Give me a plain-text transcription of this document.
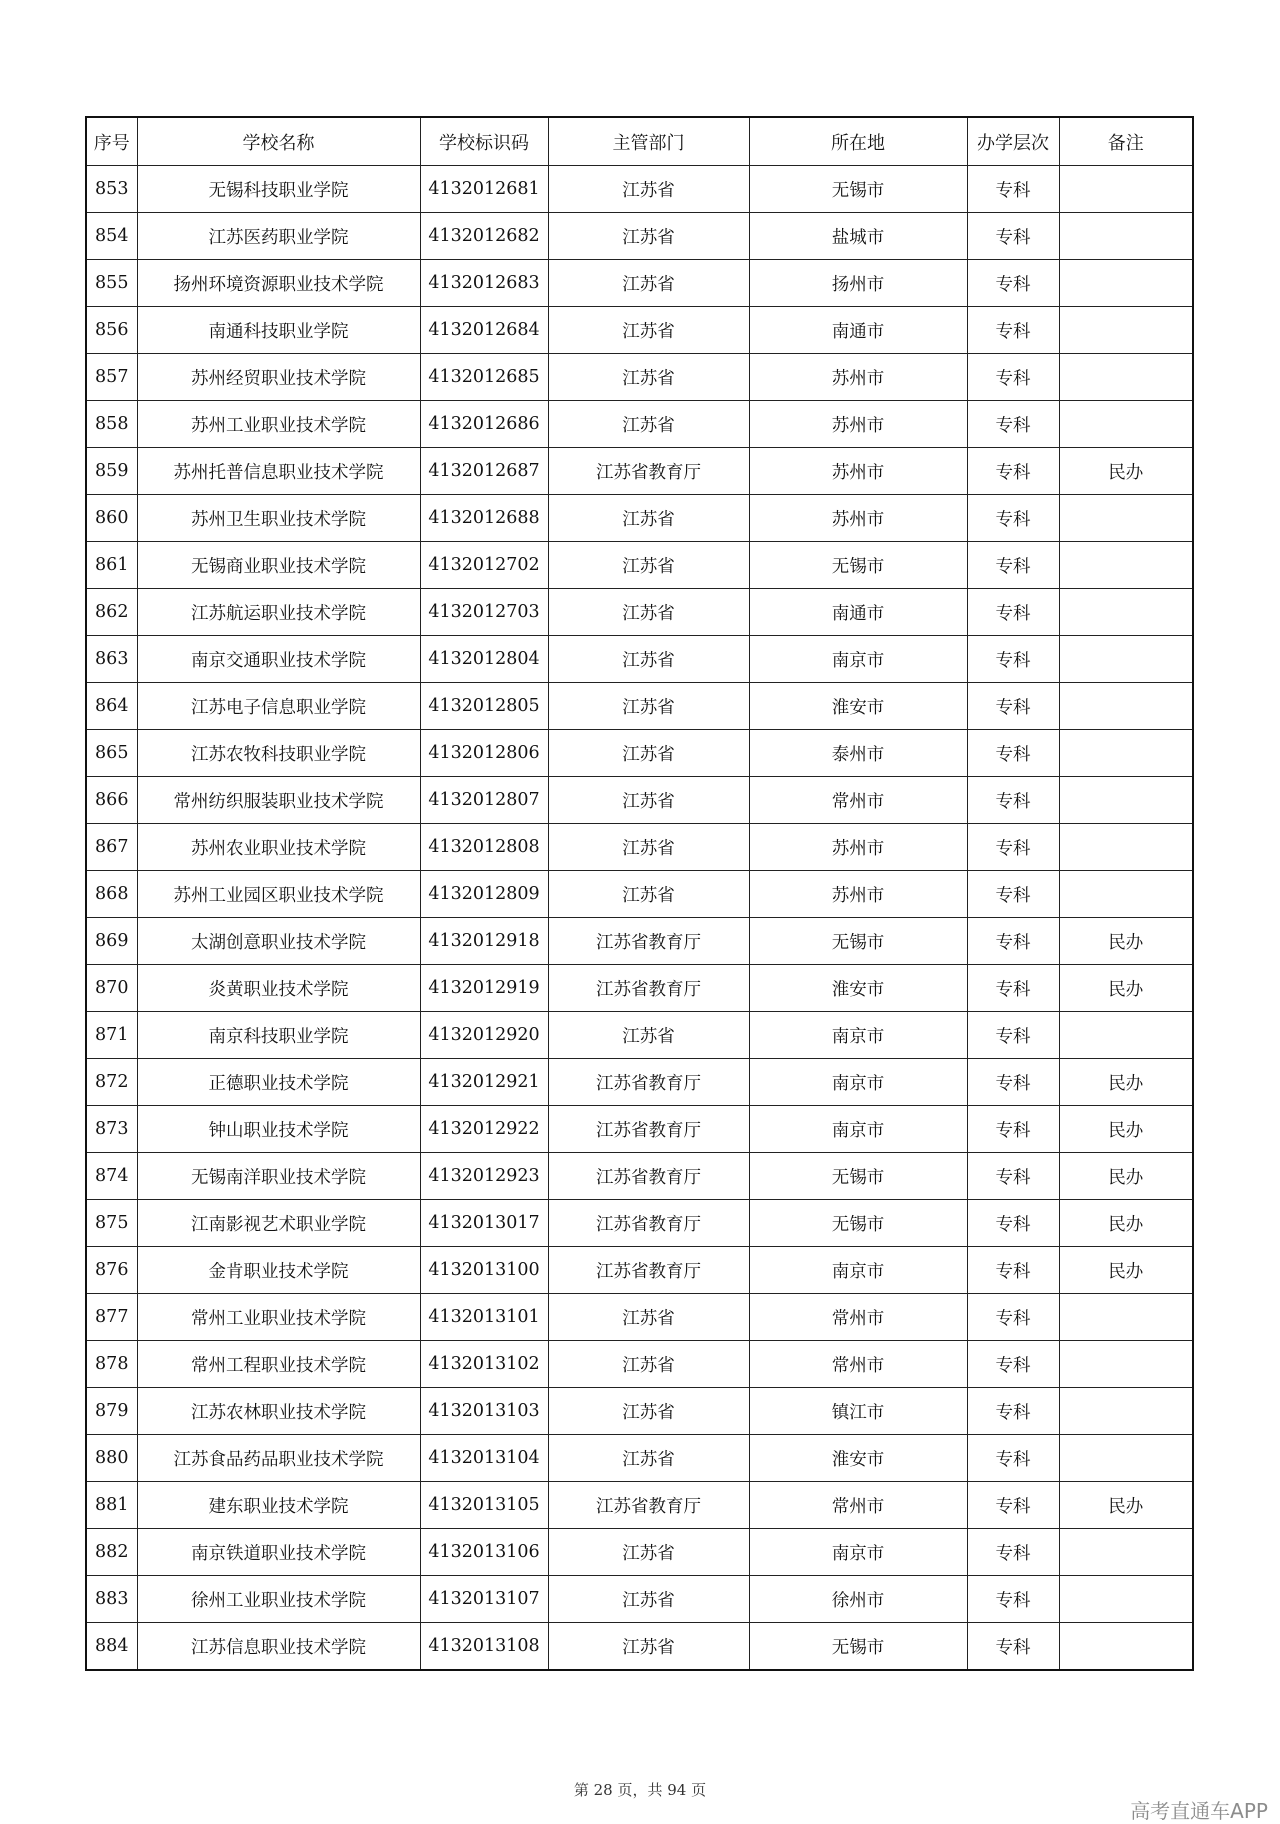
序号	学校名称	学校标识码	主管部门	所在地	办学层次	备注
853	无锡科技职业学院	4132012681	江苏省	无锡市	专科	
854	江苏医药职业学院	4132012682	江苏省	盐城市	专科	
855	扬州环境资源职业技术学院	4132012683	江苏省	扬州市	专科	
856	南通科技职业学院	4132012684	江苏省	南通市	专科	
857	苏州经贸职业技术学院	4132012685	江苏省	苏州市	专科	
858	苏州工业职业技术学院	4132012686	江苏省	苏州市	专科	
859	苏州托普信息职业技术学院	4132012687	江苏省教育厅	苏州市	专科	民办
860	苏州卫生职业技术学院	4132012688	江苏省	苏州市	专科	
861	无锡商业职业技术学院	4132012702	江苏省	无锡市	专科	
862	江苏航运职业技术学院	4132012703	江苏省	南通市	专科	
863	南京交通职业技术学院	4132012804	江苏省	南京市	专科	
864	江苏电子信息职业学院	4132012805	江苏省	淮安市	专科	
865	江苏农牧科技职业学院	4132012806	江苏省	泰州市	专科	
866	常州纺织服装职业技术学院	4132012807	江苏省	常州市	专科	
867	苏州农业职业技术学院	4132012808	江苏省	苏州市	专科	
868	苏州工业园区职业技术学院	4132012809	江苏省	苏州市	专科	
869	太湖创意职业技术学院	4132012918	江苏省教育厅	无锡市	专科	民办
870	炎黄职业技术学院	4132012919	江苏省教育厅	淮安市	专科	民办
871	南京科技职业学院	4132012920	江苏省	南京市	专科	
872	正德职业技术学院	4132012921	江苏省教育厅	南京市	专科	民办
873	钟山职业技术学院	4132012922	江苏省教育厅	南京市	专科	民办
874	无锡南洋职业技术学院	4132012923	江苏省教育厅	无锡市	专科	民办
875	江南影视艺术职业学院	4132013017	江苏省教育厅	无锡市	专科	民办
876	金肯职业技术学院	4132013100	江苏省教育厅	南京市	专科	民办
877	常州工业职业技术学院	4132013101	江苏省	常州市	专科	
878	常州工程职业技术学院	4132013102	江苏省	常州市	专科	
879	江苏农林职业技术学院	4132013103	江苏省	镇江市	专科	
880	江苏食品药品职业技术学院	4132013104	江苏省	淮安市	专科	
881	建东职业技术学院	4132013105	江苏省教育厅	常州市	专科	民办
882	南京铁道职业技术学院	4132013106	江苏省	南京市	专科	
883	徐州工业职业技术学院	4132013107	江苏省	徐州市	专科	
884	江苏信息职业技术学院	4132013108	江苏省	无锡市	专科	
第 28 页，共 94 页
高考直通车APP
